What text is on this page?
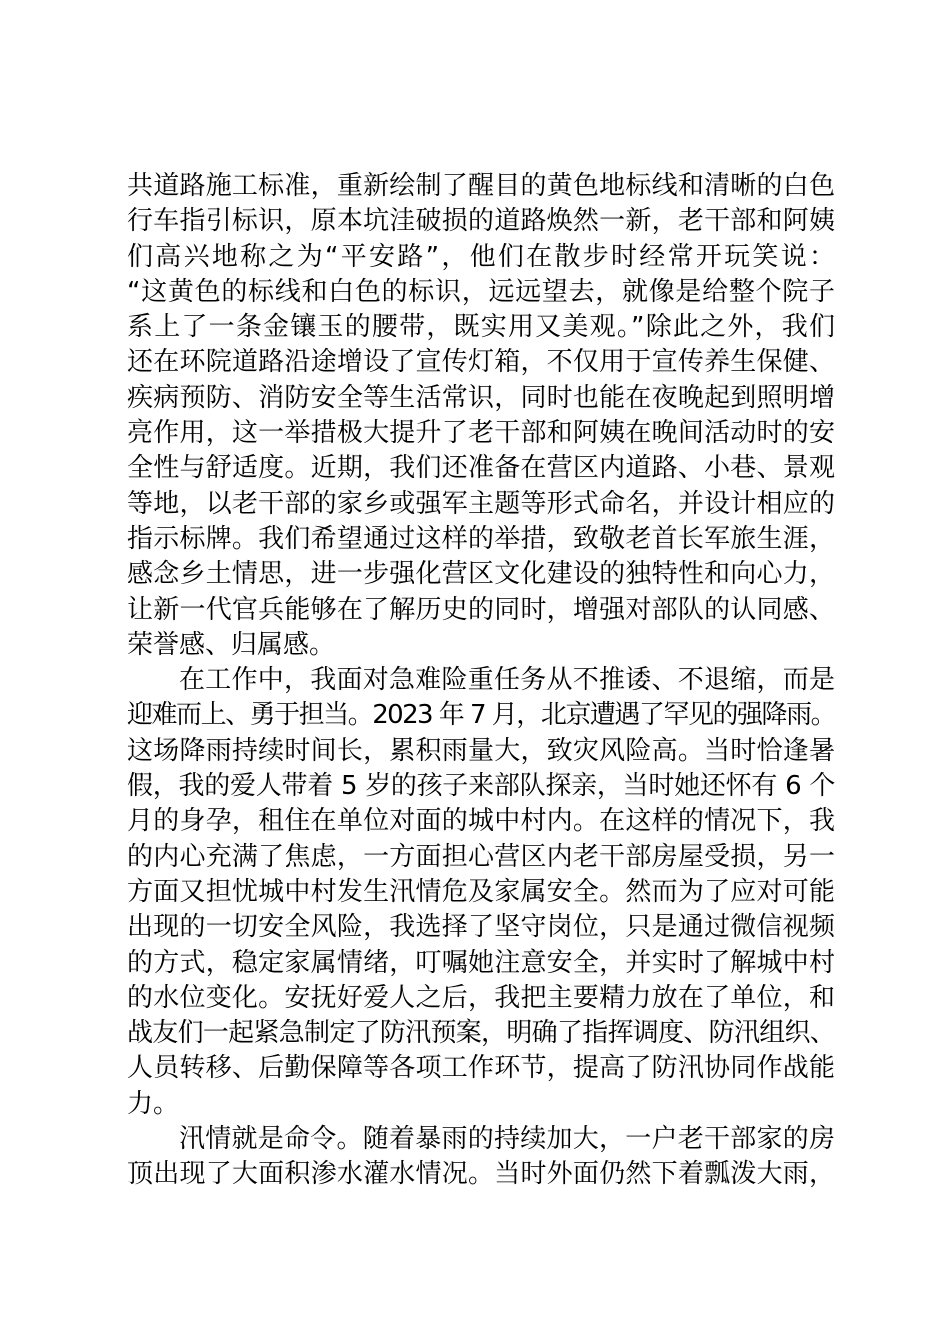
共道路施工标准，重新绘制了醒目的黄色地标线和清晰的白色
行车指引标识，原本坑洼破损的道路焕然一新，老干部和阿姨
们高兴地称之为“平安路”，他们在散步时经常开玩笑说：
“这黄色的标线和白色的标识，远远望去，就像是给整个院子
系上了一条金镶玉的腰带，既实用又美观。”除此之外，我们
还在环院道路沿途增设了宣传灯箱，不仅用于宣传养生保健、
疾病预防、消防安全等生活常识，同时也能在夜晚起到照明增
亮作用，这一举措极大提升了老干部和阿姨在晚间活动时的安
全性与舒适度。近期，我们还准备在营区内道路、小巷、景观
等地，以老干部的家乡或强军主题等形式命名，并设计相应的
指示标牌。我们希望通过这样的举措，致敬老首长军旅生涯，
感念乡土情思，进一步强化营区文化建设的独特性和向心力，
让新一代官兵能够在了解历史的同时，增强对部队的认同感、
荣誉感、归属感。
在工作中，我面对急难险重任务从不推诿、不退缩，而是
迎难而上、勇于担当。2023 年 7 月，北京遭遇了罕见的强降雨。
这场降雨持续时间长，累积雨量大，致灾风险高。当时恰逢暑
假，我的爱人带着 5 岁的孩子来部队探亲，当时她还怀有 6 个
月的身孕，租住在单位对面的城中村内。在这样的情况下，我
的内心充满了焦虑，一方面担心营区内老干部房屋受损，另一
方面又担忧城中村发生汛情危及家属安全。然而为了应对可能
出现的一切安全风险，我选择了坚守岗位，只是通过微信视频
的方式，稳定家属情绪，叮嘱她注意安全，并实时了解城中村
的水位变化。安抚好爱人之后，我把主要精力放在了单位，和
战友们一起紧急制定了防汛预案，明确了指挥调度、防汛组织、
人员转移、后勤保障等各项工作环节，提高了防汛协同作战能
力。
汛情就是命令。随着暴雨的持续加大，一户老干部家的房
顶出现了大面积渗水灌水情况。当时外面仍然下着瓢泼大雨，
